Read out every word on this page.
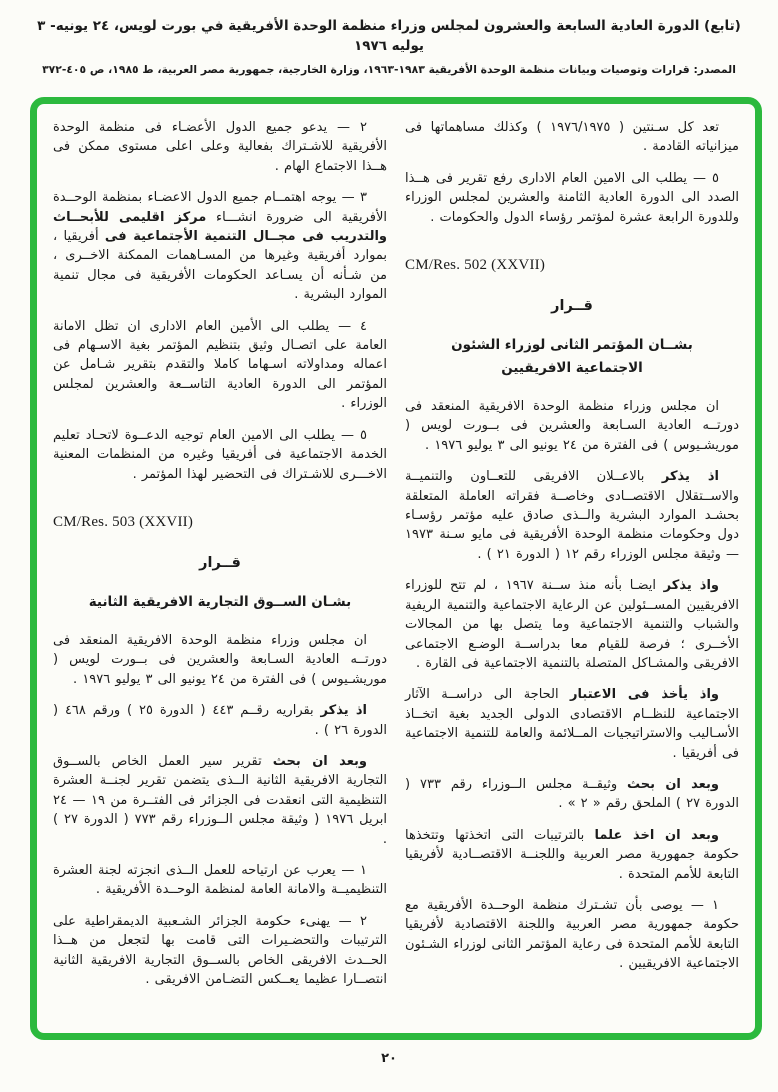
(تابع) الدورة العادية السابعة والعشرون لمجلس وزراء منظمة الوحدة الأفريقية في بورت لويس، ٢٤ يونيه- ٣ يوليه ١٩٧٦
المصدر: قرارات وتوصيات وبيانات منظمة الوحدة الأفريقية ١٩٨٣-١٩٦٣، وزارة الخارجية، جمهورية مصر العربية، ط ١٩٨٥، ص ٤٠٥-٣٧٢

تعد كل سـنتين ( ١٩٧٦/١٩٧٥ ) وكذلك مساهماتها فى ميزانياته القادمة .

٥ — يطلب الى الامين العام الادارى رفع تقرير فى هــذا الصدد الى الدورة العادية الثامنة والعشرين لمجلس الوزراء وللدورة الرابعة عشرة لمؤتمر رؤساء الدول والحكومات .

CM/Res. 502 (XXVII)
قــرار
بشــان المؤتمر الثانى لوزراء الشئون الاجتماعية الافريقيين

ان مجلس وزراء منظمة الوحدة الافريقية المنعقد فى دورتــه العادية السـابعة والعشرين فى بــورت لويس ( موريشـيوس ) فى الفترة من ٢٤ يونيو الى ٣ يوليو ١٩٧٦ .

اذ يذكر بالاعــلان الافريقى للتعــاون والتنميــة والاســتقلال الاقتصــادى وخاصــة فقراته العاملة المتعلقة بحشـد الموارد البشرية والــذى صادق عليه مؤتمر رؤسـاء دول وحكومات منظمة الوحدة الأفريقية فى مايو سـنة ١٩٧٣ — وثيقة مجلس الوزراء رقم ١٢ ( الدورة ٢١ ) .

واذ يذكر ايضـا بأنه منذ ســنة ١٩٦٧ ، لم تتح للوزراء الافريقيين المســئولين عن الرعاية الاجتماعية والتنمية الريفية والشباب والتنمية الاجتماعية وما يتصل بها من المجالات الأخــرى ؛ فرصة للقيام معا بدراســة الوضـع الاجتماعى الافريقى والمشـاكل المتصلة بالتنمية الاجتماعية فى القارة .

واذ يأخذ فى الاعتبار الحاجة الى دراســة الآثار الاجتماعية للنظــام الاقتصادى الدولى الجديد بغية اتخــاذ الأسـاليب والاستراتيجيات المــلائمة والعامة للتنمية الاجتماعية فى أفريقيا .

وبعد ان بحث وثيقــة مجلس الــوزراء رقم ٧٣٣ ( الدورة ٢٧ ) الملحق رقم « ٢ » .

وبعد ان اخذ علما بالترتيبات التى اتخذتها وتتخذها حكومة جمهورية مصر العربية واللجنــة الاقتصــادية لأفريقيا التابعة للأمم المتحدة .

١ — يوصى بأن تشـترك منظمة الوحــدة الأفريقية مع حكومة جمهورية مصر العربية واللجنة الاقتصادية لأفريقيا التابعة للأمم المتحدة فى رعاية المؤتمر الثانى لوزراء الشـئون الاجتماعية الافريقيين .

٢ — يدعو جميع الدول الأعضـاء فى منظمة الوحدة الأفريقية للاشـتراك بفعالية وعلى اعلى مستوى ممكن فى هــذا الاجتماع الهام .

٣ — يوجه اهتمــام جميع الدول الاعضـاء بمنظمة الوحــدة الأفريقية الى ضرورة انشـــاء مركز اقليمى للأبحــاث والتدريب فى مجــال التنمية الأجتماعية فى أفريقيا ، بموارد أفريقية وغيرها من المسـاهمات الممكنة الاخــرى ، من شـأنه أن يسـاعد الحكومات الأفريقية فى مجال تنمية الموارد البشرية .

٤ — يطلب الى الأمين العام الادارى ان تظل الامانة العامة على اتصـال وثيق بتنظيم المؤتمر بغية الاسـهام فى اعماله ومداولاته اسـهاما كاملا والتقدم بتقرير شـامل عن المؤتمر الى الدورة العادية التاســعة والعشرين لمجلس الوزراء .

٥ — يطلب الى الامين العام توجيه الدعــوة لاتحـاد تعليم الخدمة الاجتماعية فى أفريقيا وغيره من المنظمات المعنية الاخـــرى للاشـتراك فى التحضير لهذا المؤتمر .

CM/Res. 503 (XXVII)
قــرار
بشـان الســوق التجارية الافريقية الثانية

ان مجلس وزراء منظمة الوحدة الافريقية المنعقد فى دورتــه العادية السـابعة والعشرين فى بــورت لويس ( موريشـيوس ) فى الفترة من ٢٤ يونيو الى ٣ يوليو ١٩٧٦ .

اذ يذكر بقراريه رقــم ٤٤٣ ( الدورة ٢٥ ) ورقم ٤٦٨ ( الدورة ٢٦ ) .

وبعد ان بحث تقرير سير العمل الخاص بالســوق التجارية الافريقية الثانية الــذى يتضمن تقرير لجنــة العشرة التنظيمية التى انعقدت فى الجزائر فى الفتــرة من ١٩ — ٢٤ ابريل ١٩٧٦ ( وثيقة مجلس الــوزراء رقم ٧٧٣ ( الدورة ٢٧ ) .

١ — يعرب عن ارتياحه للعمل الــذى انجزته لجنة العشرة التنظيميــة والامانة العامة لمنظمة الوحــدة الأفريقية .

٢ — يهنىء حكومة الجزائر الشـعبية الديمقراطية على الترتيبات والتحضـيرات التى قامت بها لتجعل من هــذا الحــدث الافريقى الخاص بالســوق التجارية الافريقية الثانية انتصــارا عظيما يعــكس التضـامن الافريقى .

٢٠
